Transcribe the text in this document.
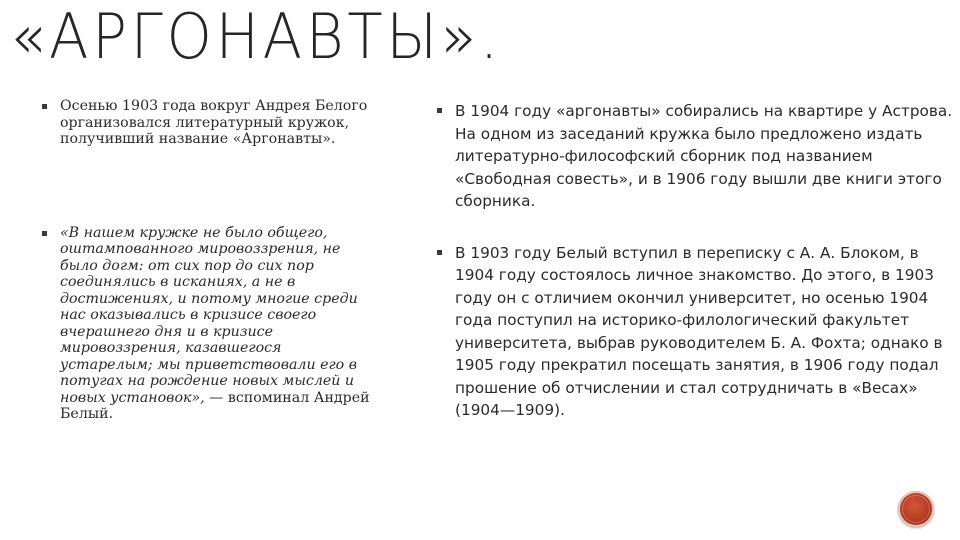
«АРГОНАВТЫ».
Осенью 1903 года вокруг Андрея Белого организовался литературный кружок, получивший название «Аргонавты».
«В нашем кружке не было общего, оштампованного мировоззрения, не было догм: от сих пор до сих пор соединялись в исканиях, а не в достижениях, и потому многие среди нас оказывались в кризисе своего вчерашнего дня и в кризисе мировоззрения, казавшегося устарелым; мы приветствовали его в потугах на рождение новых мыслей и новых установок», — вспоминал Андрей Белый.
В 1904 году «аргонавты» собирались на квартире у Астрова. На одном из заседаний кружка было предложено издать литературно-философский сборник под названием «Свободная совесть», и в 1906 году вышли две книги этого сборника.
В 1903 году Белый вступил в переписку с А. А. Блоком, в 1904 году состоялось личное знакомство. До этого, в 1903 году он с отличием окончил университет, но осенью 1904 года поступил на историко-филологический факультет университета, выбрав руководителем Б. А. Фохта; однако в 1905 году прекратил посещать занятия, в 1906 году подал прошение об отчислении и стал сотрудничать в «Весах» (1904—1909).
